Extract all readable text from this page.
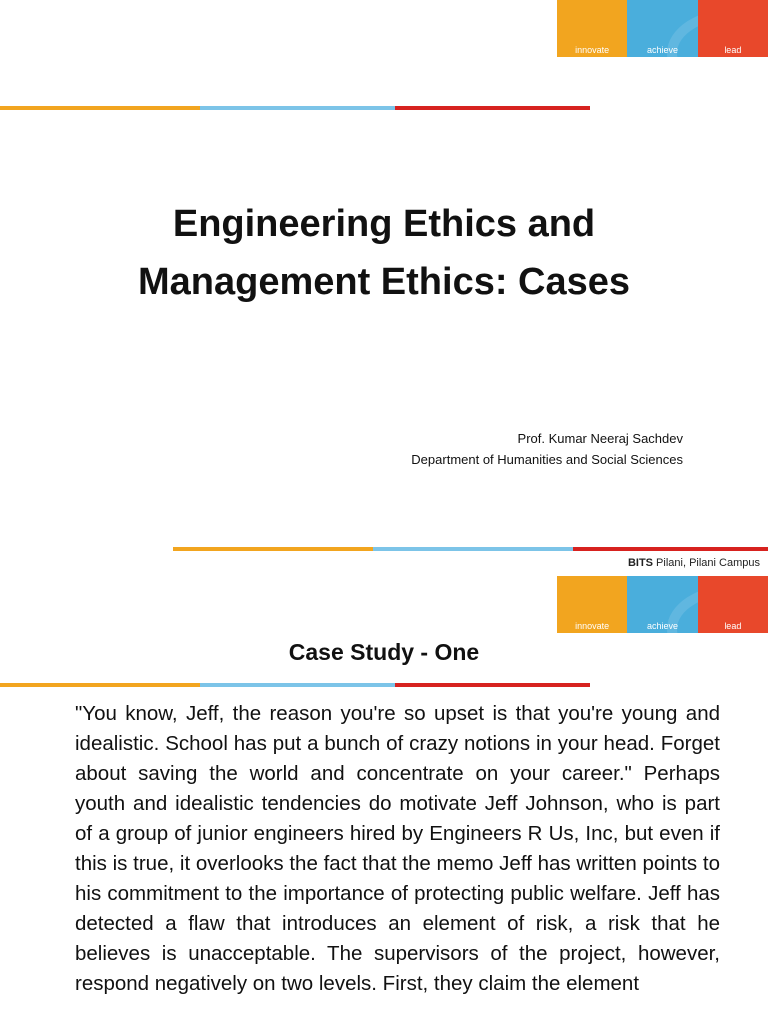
innovate	achieve	lead
Engineering Ethics and
Management Ethics: Cases
Prof. Kumar Neeraj Sachdev
Department of Humanities and Social Sciences
BITS Pilani, Pilani Campus
innovate	achieve	lead
Case Study - One

"You know, Jeff, the reason you're so upset is that you're young and idealistic. School has put a bunch of crazy notions in your head. Forget about saving the world and concentrate on your career." Perhaps youth and idealistic tendencies do motivate Jeff Johnson, who is part of a group of junior engineers hired by Engineers R Us, Inc, but even if this is true, it overlooks the fact that the memo Jeff has written points to his commitment to the importance of protecting public welfare. Jeff has detected a flaw that introduces an element of risk, a risk that he believes is unacceptable. The supervisors of the project, however, respond negatively on two levels. First, they claim the element
